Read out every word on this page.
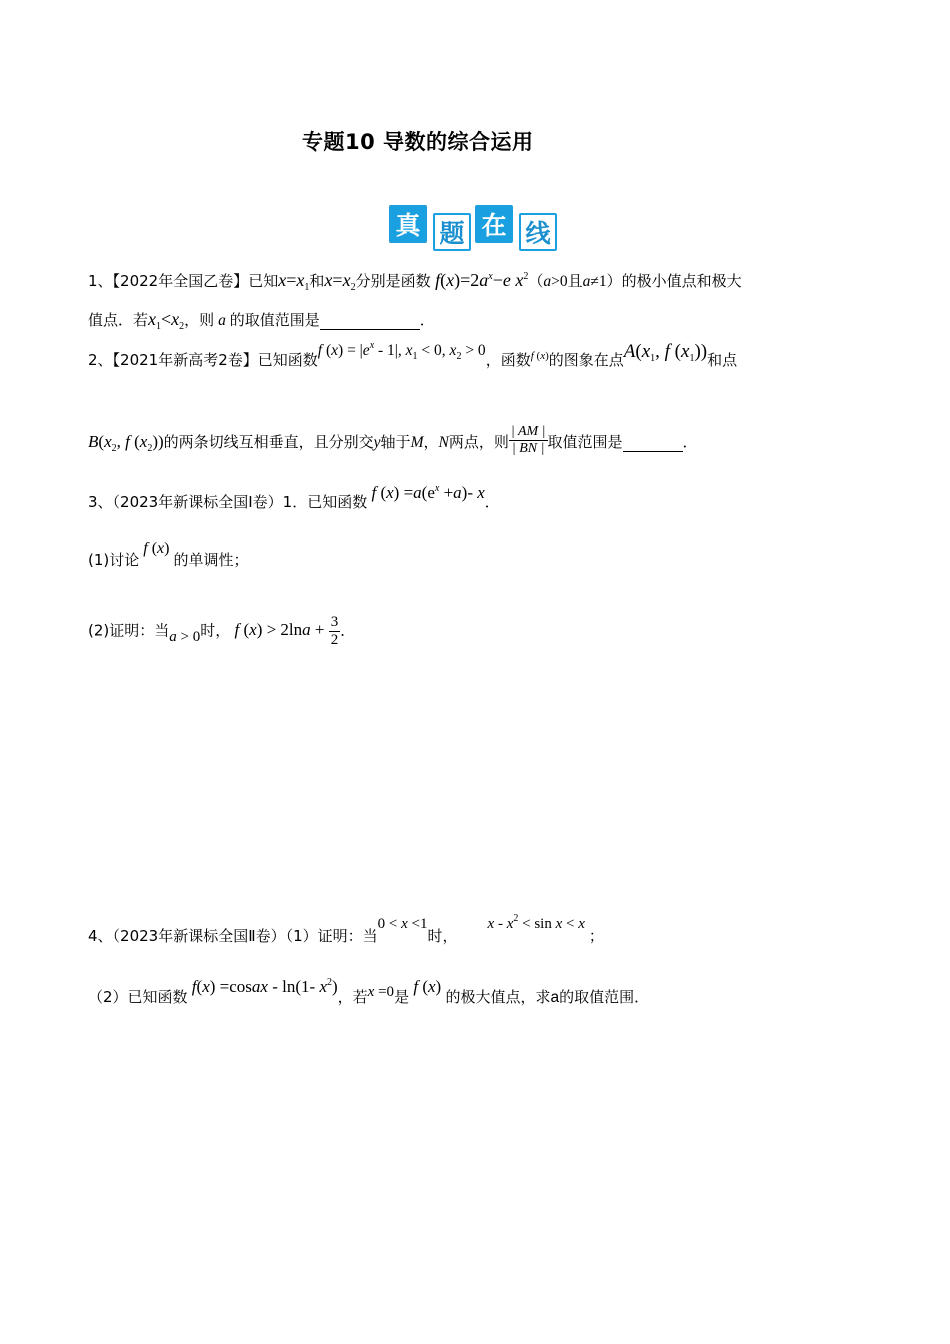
专题10 导数的综合运用
真 题 在 线
1、【2022年全国乙卷】已知$x=x_1$和$x=x_2$分别是函数 $f(x)=2a^x-e$ $x^2(a>0$且a≠1）的极小值点和极大
值点．若$x_1<x_2$，则 a 的取值范围是	．
2、【2021年新高考2卷】已知函数f $(x) = |e^x - 1|$, $x_1 < 0$, $x_2 > 0$，函数$^{f (x)}$的图象在点$A(x_1$, f $(x_1)$)和点
$B(x_2$, f $(x_2)$)的两条切线互相垂直，且分别交y轴于M，N两点，则 $\frac{| AM |}{| BN |}$ 取值范围是	．
3、（2023年新课标全国Ⅰ卷）1．已知函数 f $(x) =a(e^x +a)-$ x．
(1)讨论 f (x) 的单调性；
(2)证明：当a > 0时， f $(x) > 2\ln a + \frac{3}{2}$ ．
4、（2023年新课标全国Ⅱ卷）（1）证明：当0 < x <1时，$x - x^2 < \sin x < x$；
（2）已知函数 f(x) =cosax - ln(1- $x^2$)，若x =0是 f (x) 的极大值点，求a的取值范围．
